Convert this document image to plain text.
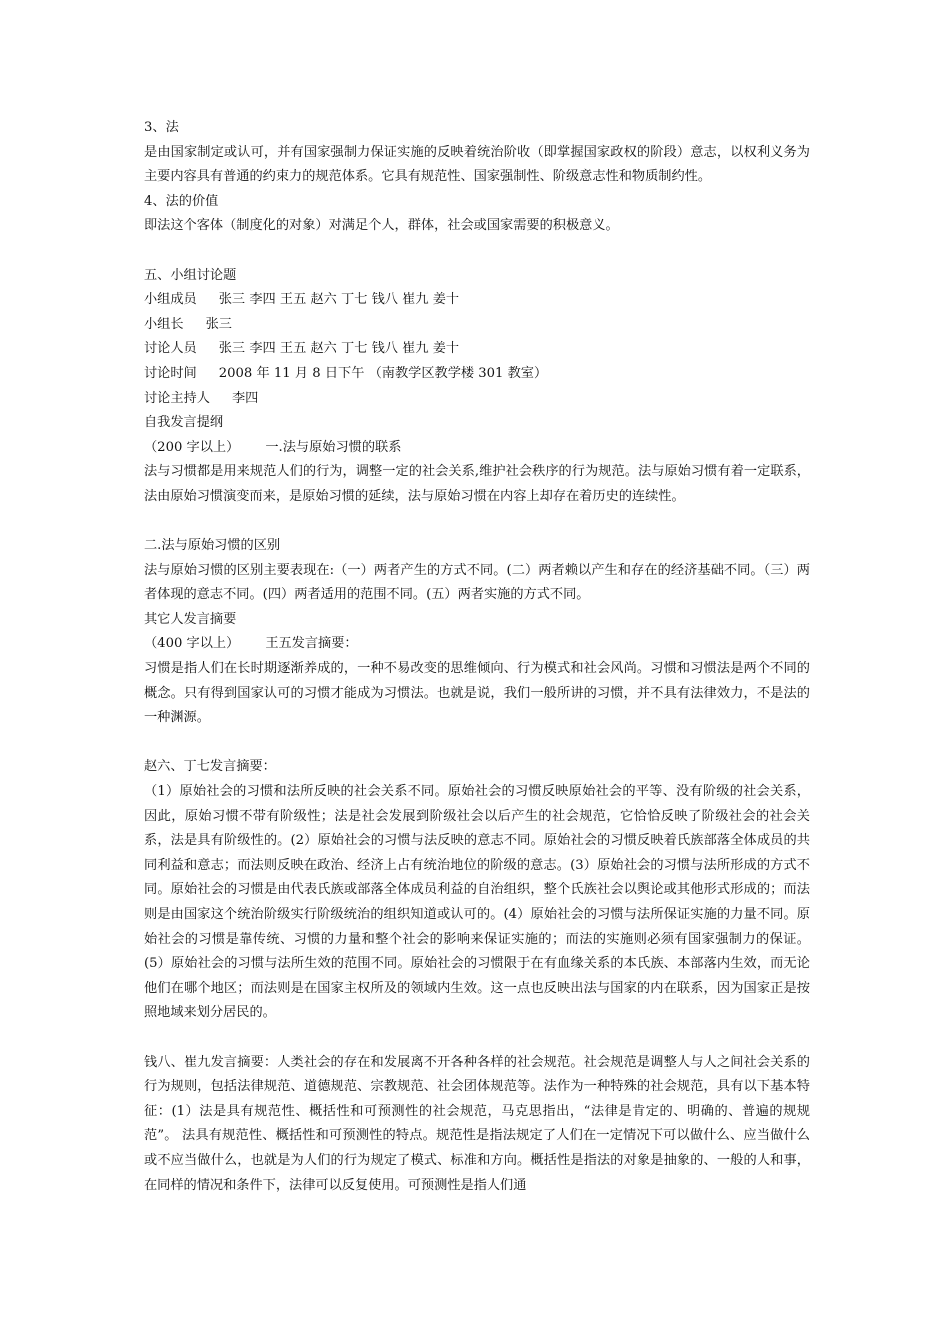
3、法

是由国家制定或认可，并有国家强制力保证实施的反映着统治阶收（即掌握国家政权的阶段）意志，以权利义务为主要内容具有普通的约束力的规范体系。它具有规范性、国家强制性、阶级意志性和物质制约性。

4、法的价值

即法这个客体（制度化的对象）对满足个人，群体，社会或国家需要的积极意义。

五、小组讨论题

小组成员 张三 李四 王五 赵六 丁七 钱八 崔九 姜十

小组长 张三

讨论人员 张三 李四 王五 赵六 丁七 钱八 崔九 姜十

讨论时间 2008 年 11 月 8 日下午 （南教学区教学楼 301 教室）

讨论主持人 李四

自我发言提纲

（200 字以上） 一.法与原始习惯的联系

法与习惯都是用来规范人们的行为，调整一定的社会关系,维护社会秩序的行为规范。法与原始习惯有着一定联系，法由原始习惯演变而来，是原始习惯的延续，法与原始习惯在内容上却存在着历史的连续性。

二.法与原始习惯的区别

法与原始习惯的区别主要表现在:（一）两者产生的方式不同。(二）两者赖以产生和存在的经济基础不同。（三）两者体现的意志不同。(四）两者适用的范围不同。(五）两者实施的方式不同。

其它人发言摘要

（400 字以上） 王五发言摘要：

习惯是指人们在长时期逐渐养成的，一种不易改变的思维倾向、行为模式和社会风尚。习惯和习惯法是两个不同的概念。只有得到国家认可的习惯才能成为习惯法。也就是说，我们一般所讲的习惯，并不具有法律效力，不是法的一种渊源。

赵六、丁七发言摘要：

（1）原始社会的习惯和法所反映的社会关系不同。原始社会的习惯反映原始社会的平等、没有阶级的社会关系，因此，原始习惯不带有阶级性；法是社会发展到阶级社会以后产生的社会规范，它恰恰反映了阶级社会的社会关系，法是具有阶级性的。(2）原始社会的习惯与法反映的意志不同。原始社会的习惯反映着氏族部落全体成员的共同利益和意志；而法则反映在政治、经济上占有统治地位的阶级的意志。(3）原始社会的习惯与法所形成的方式不同。原始社会的习惯是由代表氏族或部落全体成员利益的自治组织，整个氏族社会以舆论或其他形式形成的；而法则是由国家这个统治阶级实行阶级统治的组织知道或认可的。(4）原始社会的习惯与法所保证实施的力量不同。原始社会的习惯是靠传统、习惯的力量和整个社会的影响来保证实施的；而法的实施则必须有国家强制力的保证。(5）原始社会的习惯与法所生效的范围不同。原始社会的习惯限于在有血缘关系的本氏族、本部落内生效，而无论他们在哪个地区；而法则是在国家主权所及的领域内生效。这一点也反映出法与国家的内在联系，因为国家正是按照地域来划分居民的。

钱八、崔九发言摘要：人类社会的存在和发展离不开各种各样的社会规范。社会规范是调整人与人之间社会关系的行为规则，包括法律规范、道德规范、宗教规范、社会团体规范等。法作为一种特殊的社会规范，具有以下基本特征：(1）法是具有规范性、概括性和可预测性的社会规范，马克思指出，“法律是肯定的、明确的、普遍的规规范”。 法具有规范性、概括性和可预测性的特点。规范性是指法规定了人们在一定情况下可以做什么、应当做什么或不应当做什么，也就是为人们的行为规定了模式、标准和方向。概括性是指法的对象是抽象的、一般的人和事，在同样的情况和条件下，法律可以反复使用。可预测性是指人们通
